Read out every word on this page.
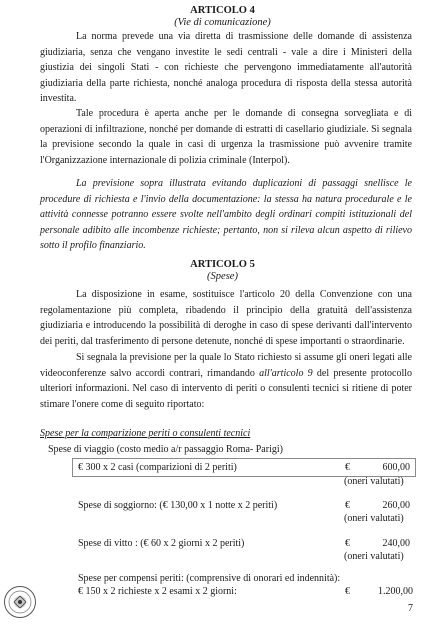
ARTICOLO 4
(Vie di comunicazione)
La norma prevede una via diretta di trasmissione delle domande di assistenza giudiziaria, senza che vengano investite le sedi centrali - vale a dire i Ministeri della giustizia dei singoli Stati - con richieste che pervengono immediatamente all'autorità giudiziaria della parte richiesta, nonché analoga procedura di risposta della stessa autorità investita.
Tale procedura è aperta anche per le domande di consegna sorvegliata e di operazioni di infiltrazione, nonché per domande di estratti di casellario giudiziale. Si segnala la previsione secondo la quale in casi di urgenza la trasmissione può avvenire tramite l'Organizzazione internazionale di polizia criminale (Interpol).
La previsione sopra illustrata evitando duplicazioni di passaggi snellisce le procedure di richiesta e l'invio della documentazione: la stessa ha natura procedurale e le attività connesse potranno essere svolte nell'ambito degli ordinari compiti istituzionali del personale adibito alle incombenze richieste; pertanto, non si rileva alcun aspetto di rilievo sotto il profilo finanziario.
ARTICOLO 5
(Spese)
La disposizione in esame, sostituisce l'articolo 20 della Convenzione con una regolamentazione più completa, ribadendo il principio della gratuità dell'assistenza giudiziaria e introducendo la possibilità di deroghe in caso di spese derivanti dall'intervento dei periti, dal trasferimento di persone detenute, nonché di spese importanti o straordinarie.
Si segnala la previsione per la quale lo Stato richiesto si assume gli oneri legati alle videoconferenze salvo accordi contrari, rimandando all'articolo 9 del presente protocollo ulteriori informazioni. Nel caso di intervento di periti o consulenti tecnici si ritiene di poter stimare l'onere come di seguito riportato:
Spese per la comparizione periti o consulenti tecnici
Spese di viaggio (costo medio a/r passaggio Roma- Parigi)
€ 300 x 2 casi (comparizioni di 2 periti)	€	600,00
(oneri valutati)
Spese di soggiorno: (€ 130,00 x 1 notte x 2 periti)	€	260,00
(oneri valutati)
Spese di vitto : (€ 60 x 2 giorni x 2 periti)	€	240,00
(oneri valutati)
Spese per compensi periti: (comprensive di onorari ed indennità):
€ 150 x 2 richieste x 2 esami x 2 giorni:	€	1.200,00
7
